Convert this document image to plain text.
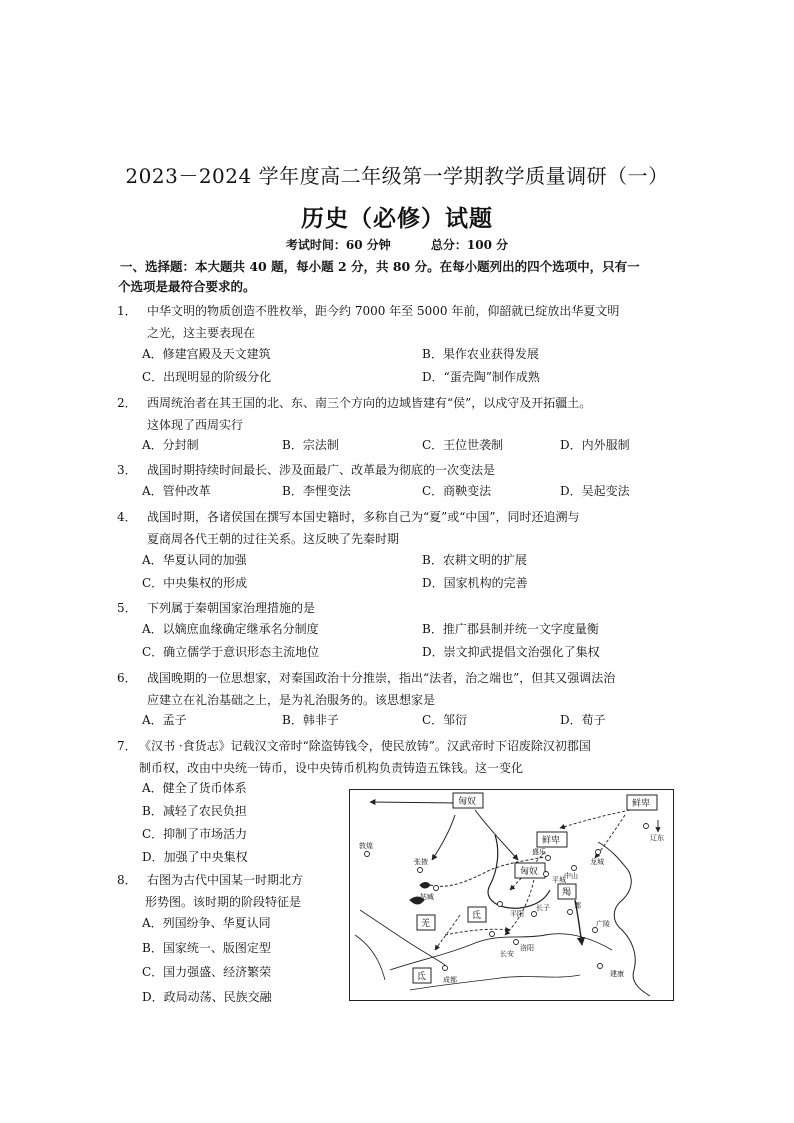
2023－2024 学年度高二年级第一学期教学质量调研（一）
历史（必修）试题
考试时间：60 分钟	总分：100 分
一、选择题：本大题共 40 题，每小题 2 分，共 80 分。在每小题列出的四个选项中，只有一
个选项是最符合要求的。
1． 中华文明的物质创造不胜枚举，距今约 7000 年至 5000 年前，仰韶就已绽放出华夏文明
之光，这主要表现在
A．修建宫殿及天文建筑	B．果作农业获得发展
C．出现明显的阶级分化	D．“蛋壳陶”制作成熟
2． 西周统治者在其王国的北、东、南三个方向的边域皆建有“侯”，以戍守及开拓疆土。
这体现了西周实行
A．分封制	B．宗法制	C．王位世袭制	D．内外服制
3． 战国时期持续时间最长、涉及面最广、改革最为彻底的一次变法是
A．管仲改革	B．李悝变法	C．商鞅变法	D．吴起变法
4． 战国时期，各诸侯国在撰写本国史籍时，多称自己为“夏”或“中国”，同时还追溯与
夏商周各代王朝的过往关系。这反映了先秦时期
A．华夏认同的加强	B．农耕文明的扩展
C．中央集权的形成	D．国家机构的完善
5． 下列属于秦朝国家治理措施的是
A．以嫡庶血缘确定继承名分制度	B．推广郡县制并统一文字度量衡
C．确立儒学于意识形态主流地位	D．崇文抑武提倡文治强化了集权
6． 战国晚期的一位思想家，对秦国政治十分推崇，指出“法者，治之端也”，但其又强调法治
应建立在礼治基础之上，是为礼治服务的。该思想家是
A．孟子	B．韩非子	C．邹衍	D．荀子
7． 《汉书 ·食货志》记载汉文帝时“除盗铸钱令，使民放铸”。汉武帝时下诏废除汉初郡国
制币权，改由中央统一铸币，设中央铸币机构负责铸造五铢钱。这一变化
A．健全了货币体系
B．减轻了农民负担
C．抑制了市场活力
D．加强了中央集权
8． 右图为古代中国某一时期北方
形势图。该时期的阶段特征是
A．列国纷争、华夏认同
B．国家统一、版图定型
C．国力强盛、经济繁荣
D．政局动荡、民族交融
匈奴	鲜卑
鲜卑
匈奴
羯
羌
氐
氐
敦煌
张掖
姑臧
盛乐
平城
龙城
中山
辽东
平阳
长子	鄴
洛阳
长安
成都
广陵
建康
